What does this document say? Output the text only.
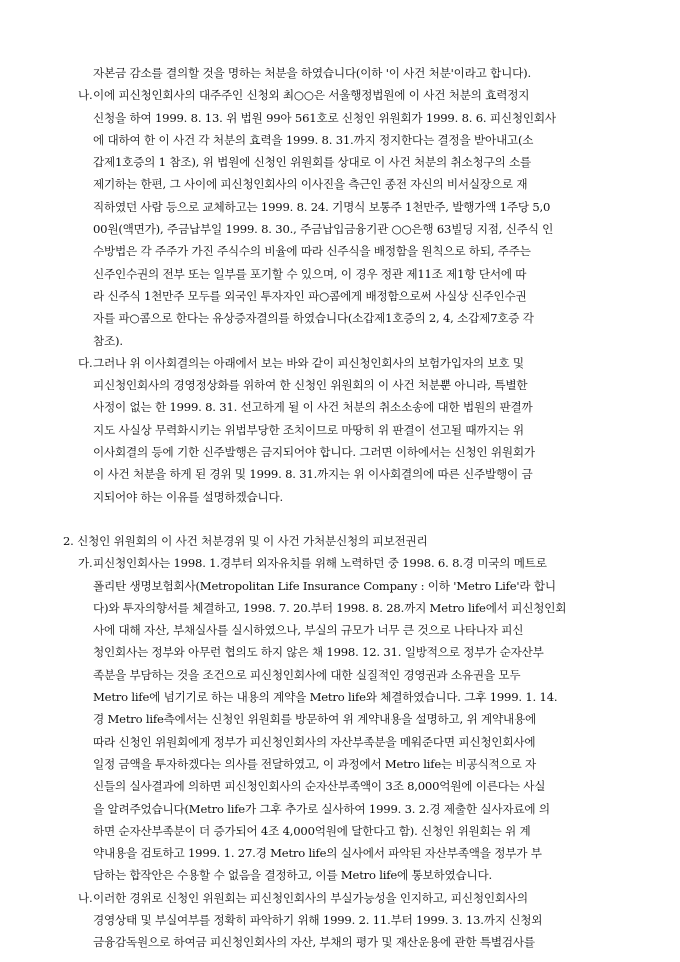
자본금 감소를 결의할 것을 명하는 처분을 하였습니다(이하 '이 사건 처분'이라고 합니다).
나.이에 피신청인회사의 대주주인 신청외 최○○은 서울행정법원에 이 사건 처분의 효력정지
신청을 하여 1999. 8. 13. 위 법원 99아 561호로 신청인 위원회가 1999. 8. 6. 피신청인회사
에 대하여 한 이 사건 각 처분의 효력을 1999. 8. 31.까지 정지한다는 결정을 받아내고(소
갑제1호증의 1 참조), 위 법원에 신청인 위원회를 상대로 이 사건 처분의 취소청구의 소를
제기하는 한편, 그 사이에 피신청인회사의 이사진을 측근인 종전 자신의 비서실장으로 재
직하였던 사람 등으로 교체하고는 1999. 8. 24. 기명식 보통주 1천만주, 발행가액 1주당 5,0
00원(액면가), 주금납부일 1999. 8. 30., 주금납입금융기관 ○○은행 63빌딩 지점, 신주식 인
수방법은 각 주주가 가진 주식수의 비율에 따라 신주식을 배정함을 원칙으로 하되, 주주는
신주인수권의 전부 또는 일부를 포기할 수 있으며, 이 경우 정관 제11조 제1항 단서에 따
라 신주식 1천만주 모두를 외국인 투자자인 파○콤에게 배정함으로써 사실상 신주인수권
자를 파○콤으로 한다는 유상증자결의를 하였습니다(소갑제1호증의 2, 4, 소갑제7호증 각
참조).
다.그러나 위 이사회결의는 아래에서 보는 바와 같이 피신청인회사의 보험가입자의 보호 및
피신청인회사의 경영정상화를 위하여 한 신청인 위원회의 이 사건 처분뿐 아니라, 특별한
사정이 없는 한 1999. 8. 31. 선고하게 될 이 사건 처분의 취소소송에 대한 법원의 판결까
지도 사실상 무력화시키는 위법부당한 조치이므로 마땅히 위 판결이 선고될 때까지는 위
이사회결의 등에 기한 신주발행은 금지되어야 합니다. 그러면 이하에서는 신청인 위원회가
이 사건 처분을 하게 된 경위 및 1999. 8. 31.까지는 위 이사회결의에 따른 신주발행이 금
지되어야 하는 이유를 설명하겠습니다.
2. 신청인 위원회의 이 사건 처분경위 및 이 사건 가처분신청의 피보전권리
가.피신청인회사는 1998. 1.경부터 외자유치를 위해 노력하던 중 1998. 6. 8.경 미국의 메트로
폴리탄 생명보험회사(Metropolitan Life Insurance Company : 이하 'Metro Life'라 합니
다)와 투자의향서를 체결하고, 1998. 7. 20.부터 1998. 8. 28.까지 Metro life에서 피신청인회
사에 대해 자산, 부채실사를 실시하였으나, 부실의 규모가 너무 큰 것으로 나타나자 피신
청인회사는 정부와 아무런 협의도 하지 않은 채 1998. 12. 31. 일방적으로 정부가 순자산부
족분을 부담하는 것을 조건으로 피신청인회사에 대한 실질적인 경영권과 소유권을 모두
Metro life에 넘기기로 하는 내용의 계약을 Metro life와 체결하였습니다. 그후 1999. 1. 14.
경 Metro life측에서는 신청인 위원회를 방문하여 위 계약내용을 설명하고, 위 계약내용에
따라 신청인 위원회에게 정부가 피신청인회사의 자산부족분을 메워준다면 피신청인회사에
일정 금액을 투자하겠다는 의사를 전달하였고, 이 과정에서 Metro life는 비공식적으로 자
신들의 실사결과에 의하면 피신청인회사의 순자산부족액이 3조 8,000억원에 이른다는 사실
을 알려주었습니다(Metro life가 그후 추가로 실사하여 1999. 3. 2.경 제출한 실사자료에 의
하면 순자산부족분이 더 증가되어 4조 4,000억원에 달한다고 함). 신청인 위원회는 위 계
약내용을 검토하고 1999. 1. 27.경 Metro life의 실사에서 파악된 자산부족액을 정부가 부
담하는 합작안은 수용할 수 없음을 결정하고, 이를 Metro life에 통보하였습니다.
나.이러한 경위로 신청인 위원회는 피신청인회사의 부실가능성을 인지하고, 피신청인회사의
경영상태 및 부실여부를 정확히 파악하기 위해 1999. 2. 11.부터 1999. 3. 13.까지 신청외
금융감독원으로 하여금 피신청인회사의 자산, 부채의 평가 및 재산운용에 관한 특별검사를
